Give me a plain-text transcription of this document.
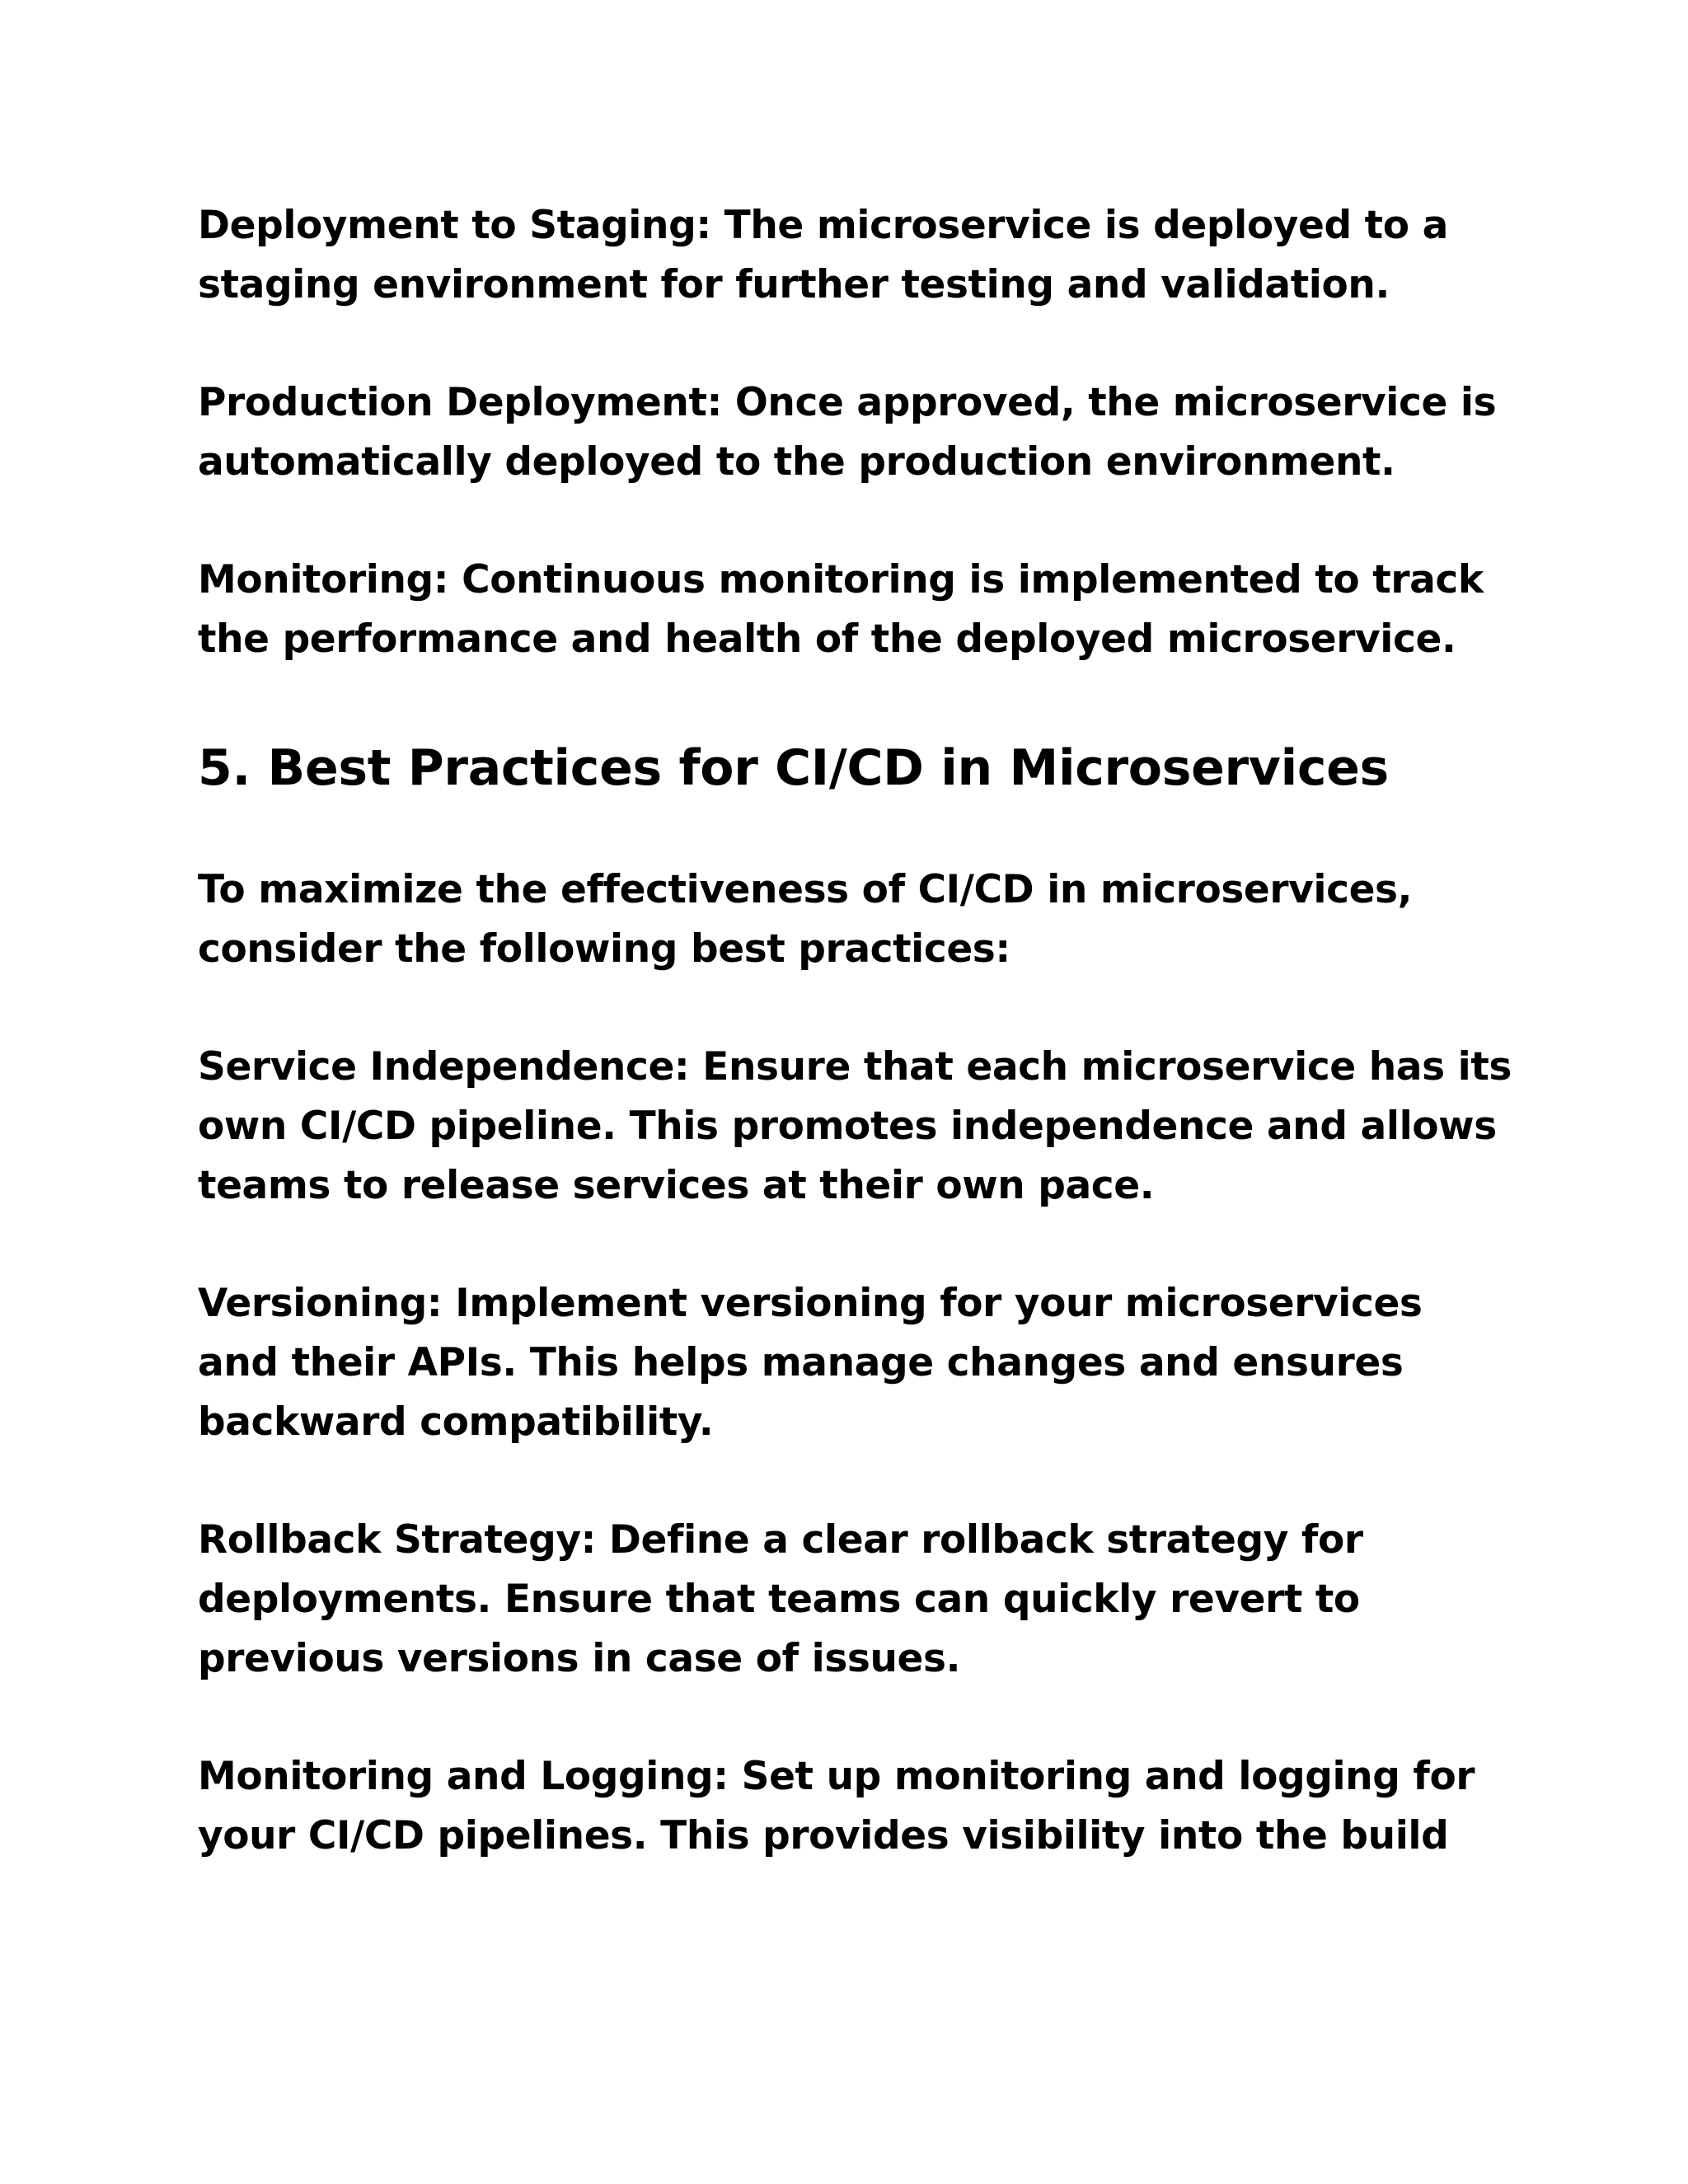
Deployment to Staging: The microservice is deployed to a
staging environment for further testing and validation.

Production Deployment: Once approved, the microservice is
automatically deployed to the production environment.

Monitoring: Continuous monitoring is implemented to track
the performance and health of the deployed microservice.

5. Best Practices for CI/CD in Microservices

To maximize the effectiveness of CI/CD in microservices,
consider the following best practices:

Service Independence: Ensure that each microservice has its
own CI/CD pipeline. This promotes independence and allows
teams to release services at their own pace.

Versioning: Implement versioning for your microservices
and their APIs. This helps manage changes and ensures
backward compatibility.

Rollback Strategy: Define a clear rollback strategy for
deployments. Ensure that teams can quickly revert to
previous versions in case of issues.

Monitoring and Logging: Set up monitoring and logging for
your CI/CD pipelines. This provides visibility into the build
